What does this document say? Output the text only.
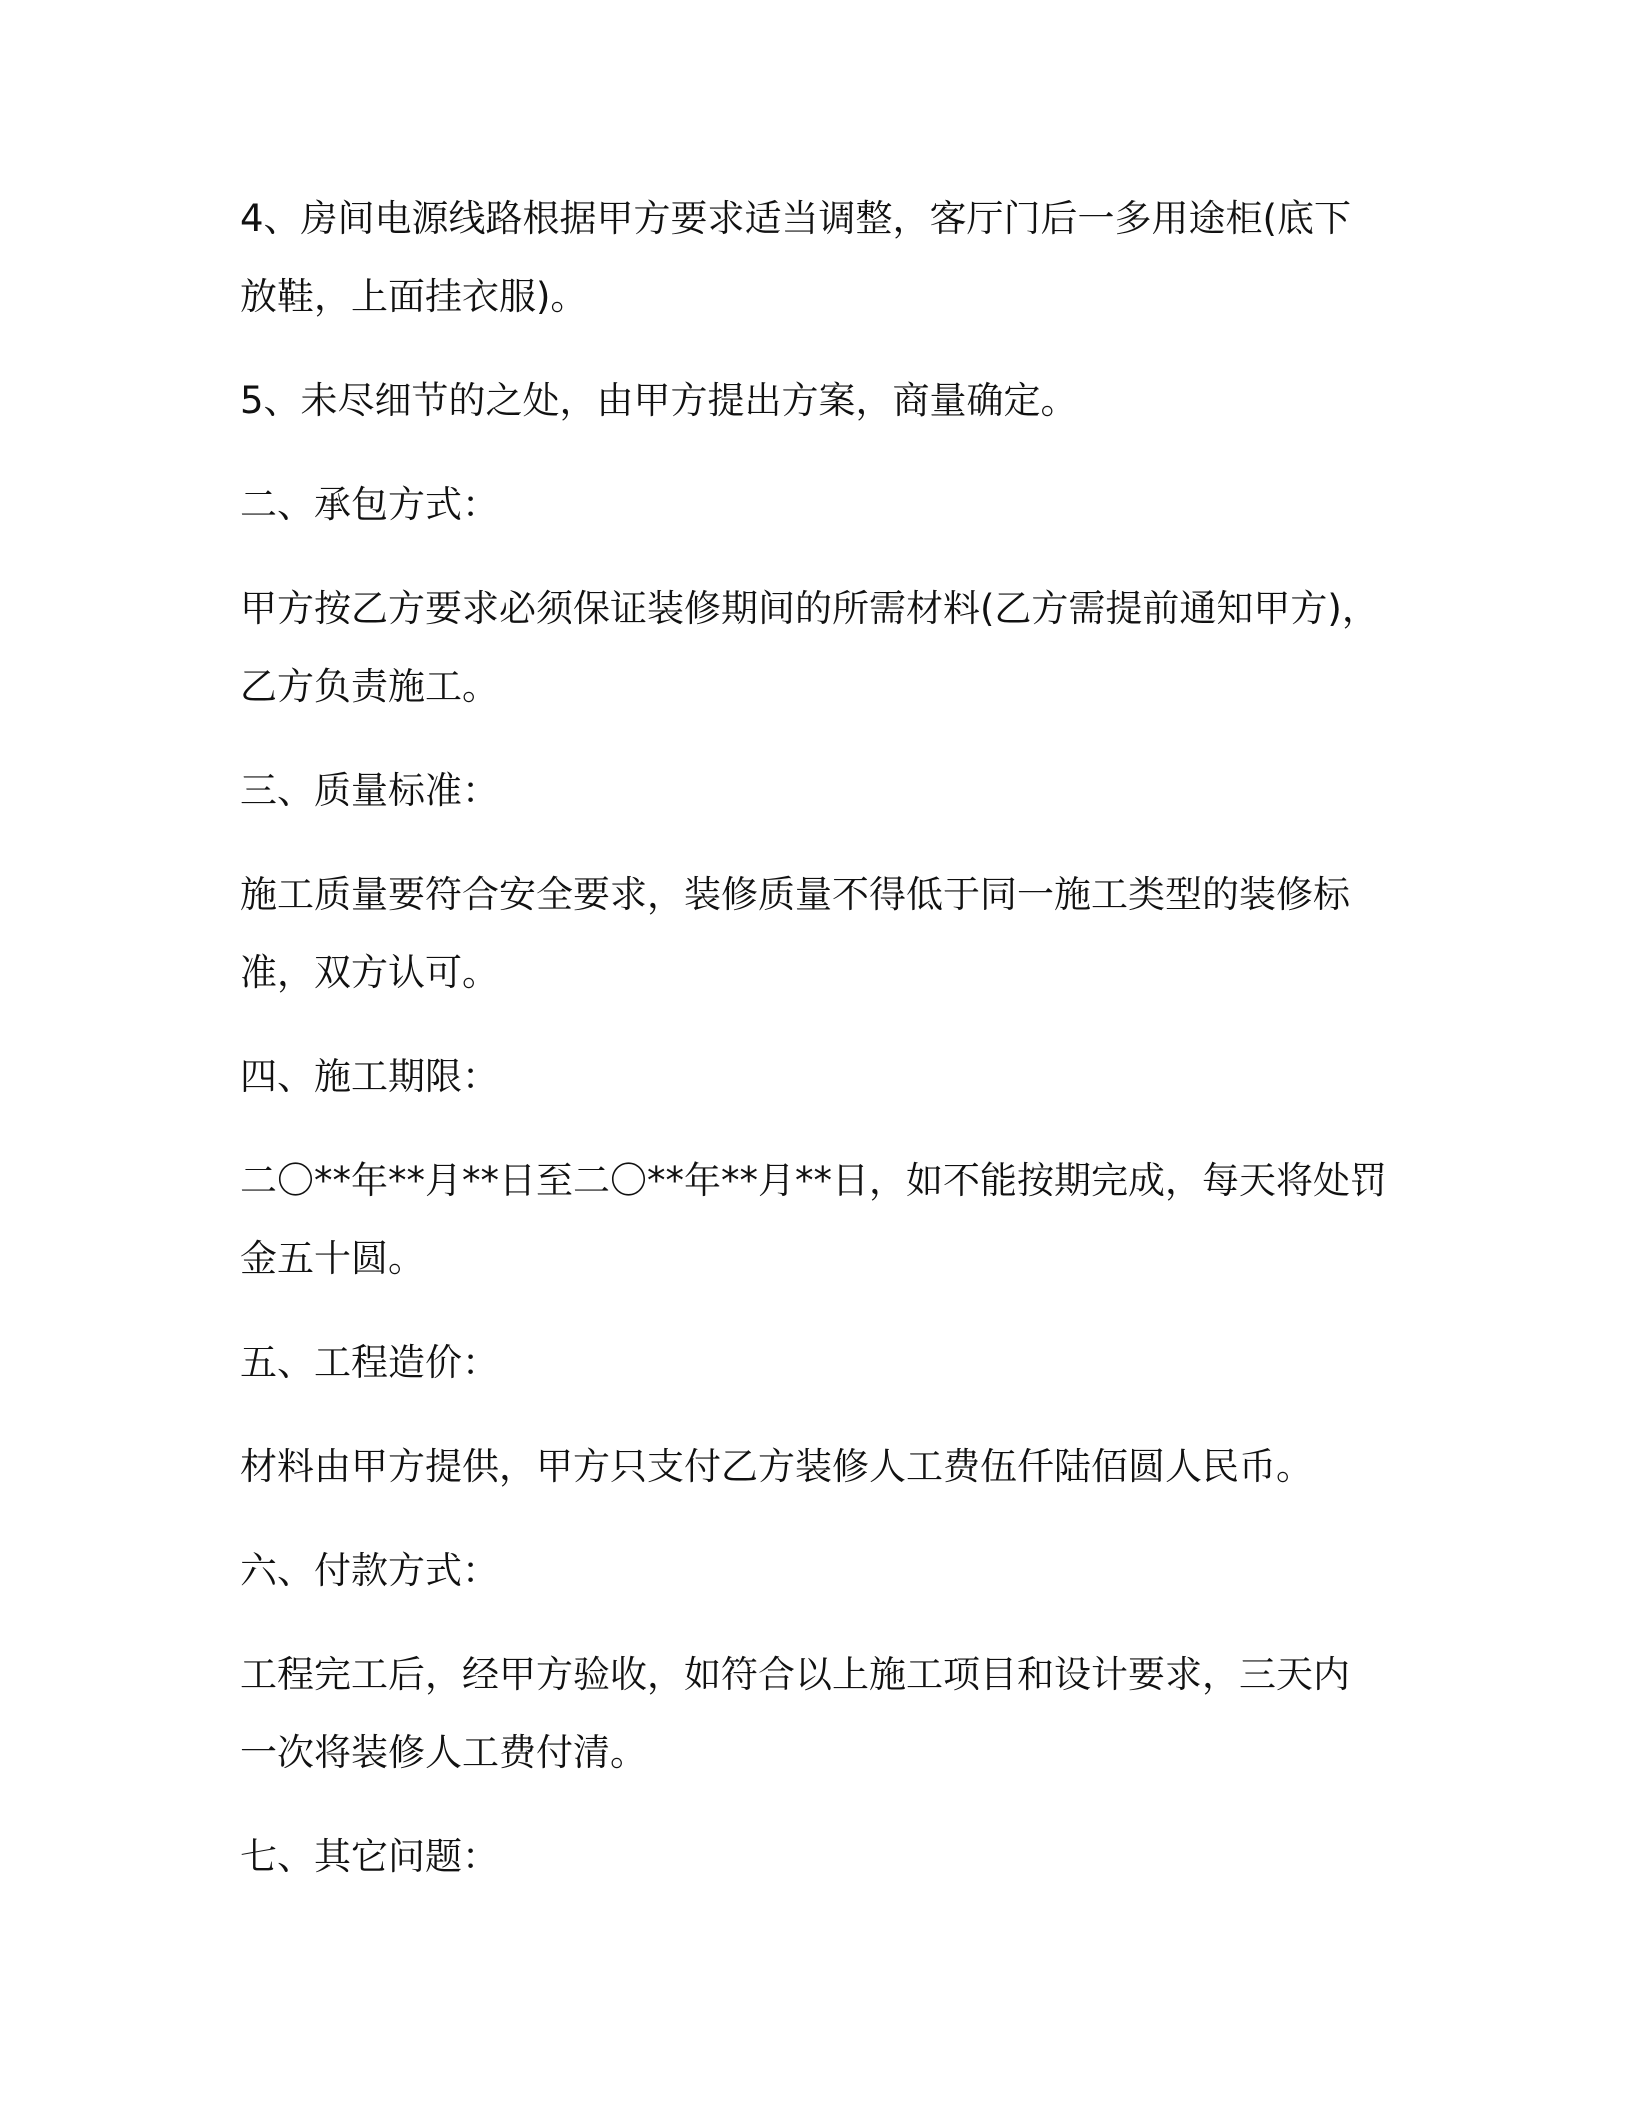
4、房间电源线路根据甲方要求适当调整，客厅门后一多用途柜(底下
放鞋，上面挂衣服)。
5、未尽细节的之处，由甲方提出方案，商量确定。
二、承包方式：
甲方按乙方要求必须保证装修期间的所需材料(乙方需提前通知甲方)，
乙方负责施工。
三、质量标准：
施工质量要符合安全要求，装修质量不得低于同一施工类型的装修标
准，双方认可。
四、施工期限：
二〇**年**月**日至二〇**年**月**日，如不能按期完成，每天将处罚
金五十圆。
五、工程造价：
材料由甲方提供，甲方只支付乙方装修人工费伍仟陆佰圆人民币。
六、付款方式：
工程完工后，经甲方验收，如符合以上施工项目和设计要求，三天内
一次将装修人工费付清。
七、其它问题：
